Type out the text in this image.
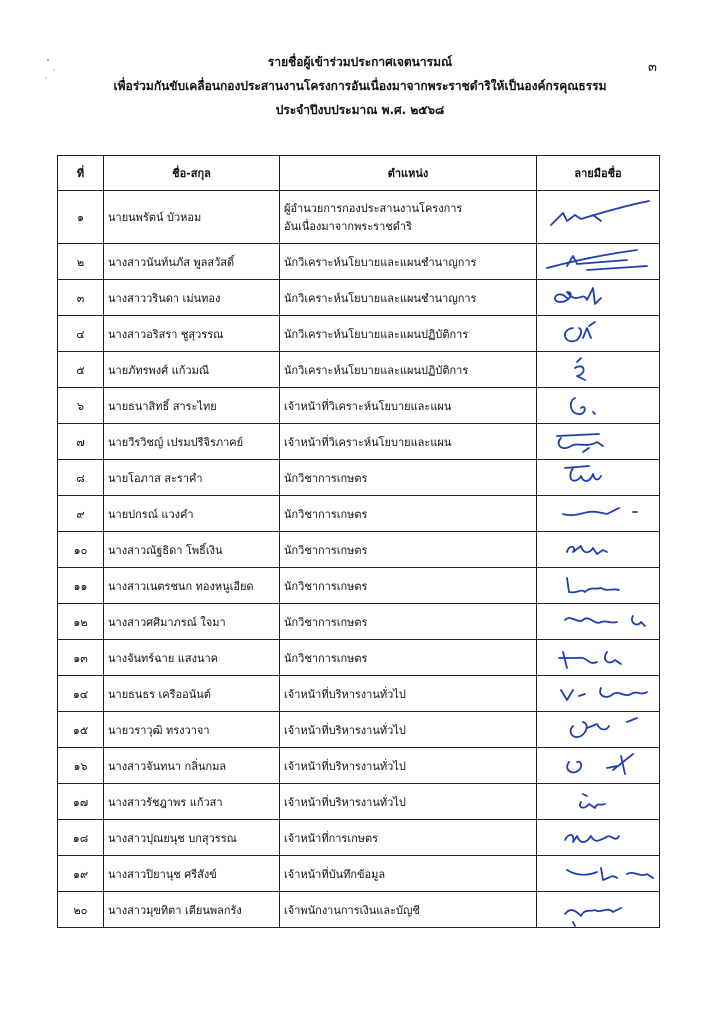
๓
รายชื่อผู้เข้าร่วมประกาศเจตนารมณ์
เพื่อร่วมกันขับเคลื่อนกองประสานงานโครงการอันเนื่องมาจากพระราชดำริให้เป็นองค์กรคุณธรรม
ประจำปีงบประมาณ พ.ศ. ๒๕๖๘
ที่	ชื่อ-สกุล	ตำแหน่ง	ลายมือชื่อ
๑	นายนพรัตน์ บัวหอม	ผู้อำนวยการกองประสานงานโครงการ
อันเนื่องมาจากพระราชดำริ

๒	นางสาวนันท์นภัส พูลสวัสดิ์	นักวิเคราะห์นโยบายและแผนชำนาญการ	

๓	นางสาววรินดา เม่นทอง	นักวิเคราะห์นโยบายและแผนชำนาญการ	

๔	นางสาวอริสรา ชูสุวรรณ	นักวิเคราะห์นโยบายและแผนปฏิบัติการ	

๕	นายภัทรพงศ์ แก้วมณี	นักวิเคราะห์นโยบายและแผนปฏิบัติการ	

๖	นายธนาสิทธิ์ สาระไทย	เจ้าหน้าที่วิเคราะห์นโยบายและแผน	

๗	นายวีรวิชญ์ เปรมปรีจิรภาคย์	เจ้าหน้าที่วิเคราะห์นโยบายและแผน	

๘	นายโอภาส สะราคำ	นักวิชาการเกษตร	

๙	นายปกรณ์ แวงคำ	นักวิชาการเกษตร	

๑๐	นางสาวณัฐธิดา โพธิ์เงิน	นักวิชาการเกษตร	

๑๑	นางสาวเนตรชนก ทองหนูเอียด	นักวิชาการเกษตร	

๑๒	นางสาวศศิมาภรณ์ ใจมา	นักวิชาการเกษตร	

๑๓	นางจันทร์ฉาย แสงนาค	นักวิชาการเกษตร	

๑๔	นายธนธร เครืออนันต์	เจ้าหน้าที่บริหารงานทั่วไป	

๑๕	นายวราวุฒิ ทรงวาจา	เจ้าหน้าที่บริหารงานทั่วไป	

๑๖	นางสาวจันทนา กลิ่นกมล	เจ้าหน้าที่บริหารงานทั่วไป	

๑๗	นางสาวรัชฎาพร แก้วสา	เจ้าหน้าที่บริหารงานทั่วไป	

๑๘	นางสาวปุณยนุช บกสุวรรณ	เจ้าหน้าที่การเกษตร	

๑๙	นางสาวปิยานุช ศรีสังข์	เจ้าหน้าที่บันทึกข้อมูล	

๒๐	นางสาวมุขทิตา เตียนพลกรัง	เจ้าพนักงานการเงินและบัญชี	
